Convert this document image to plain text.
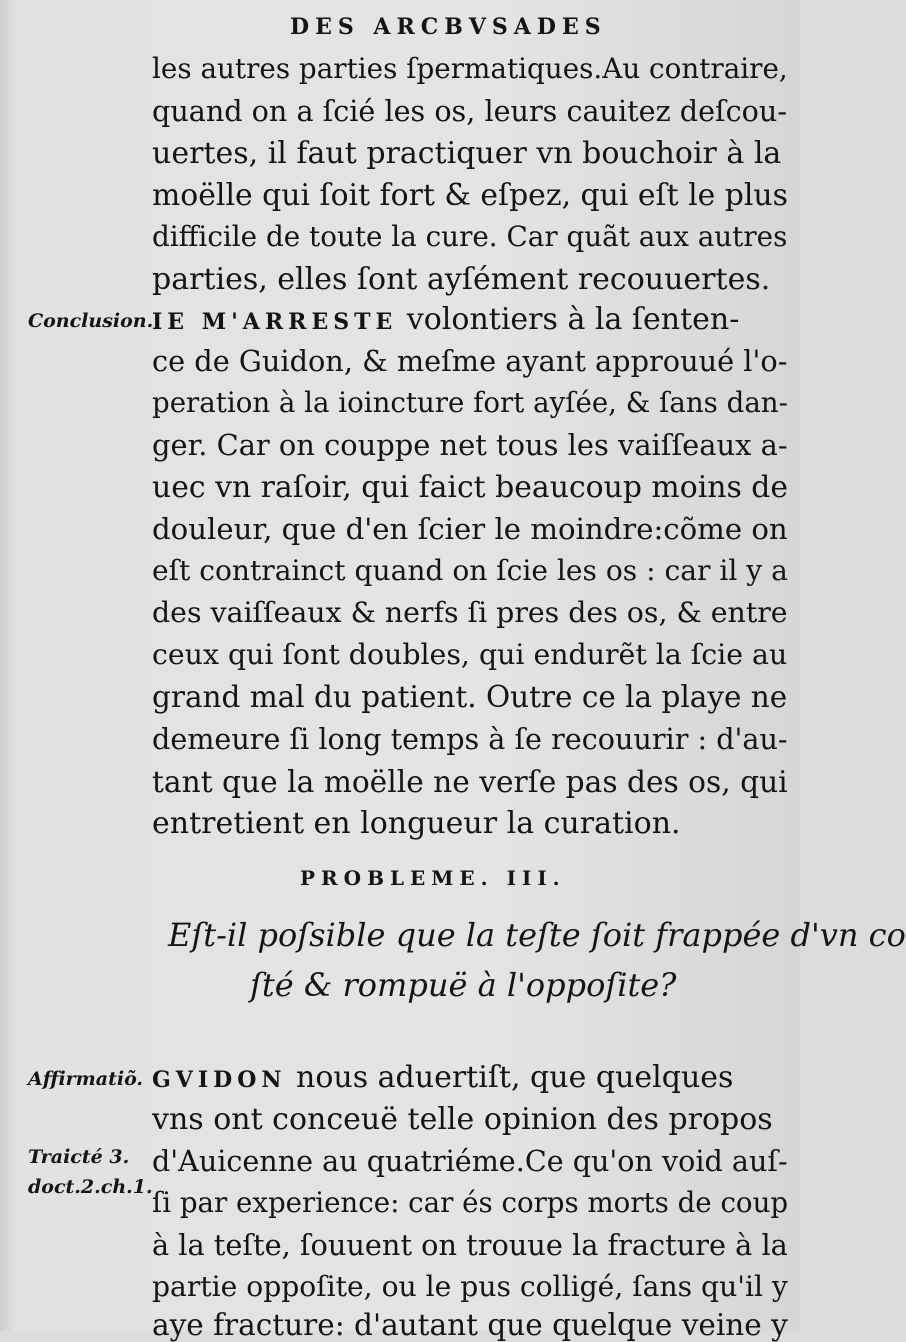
DES ARCBVSADES
les autres parties ſpermatiques.Au contraire,
quand on a ſcié les os, leurs cauitez deſcou-
uertes, il faut practiquer vn bouchoir à la
moëlle qui ſoit fort & eſpez, qui eſt le plus
difficile de toute la cure. Car quãt aux autres
parties, elles ſont ayſément recouuertes.
Conclusion.
IE M'ARRESTE volontiers à la ſenten-
ce de Guidon, & meſme ayant approuué l'o-
peration à la ioincture fort ayſée, & ſans dan-
ger. Car on couppe net tous les vaiſſeaux a-
uec vn raſoir, qui faict beaucoup moins de
douleur, que d'en ſcier le moindre:cõme on
eſt contrainct quand on ſcie les os : car il y a
des vaiſſeaux & nerfs ſi pres des os, & entre
ceux qui ſont doubles, qui endurẽt la ſcie au
grand mal du patient. Outre ce la playe ne
demeure ſi long temps à ſe recouurir : d'au-
tant que la moëlle ne verſe pas des os, qui
entretient en longueur la curation.
PROBLEME. III.
Eſt-il poſsible que la teſte ſoit frappée d'vn co
ſté & rompuë à l'oppoſite?
Affirmatiõ. GVIDON nous aduertiſt, que quelques
vns ont conceuë telle opinion des propos
Traicté 3. d'Auicenne au quatriéme.Ce qu'on void auſ-
doct.2.ch.1. ſi par experience: car és corps morts de coup
à la teſte, ſouuent on trouue la fracture à la
partie oppoſite, ou le pus colligé, ſans qu'il y
aye fracture: d'autant que quelque veine y
